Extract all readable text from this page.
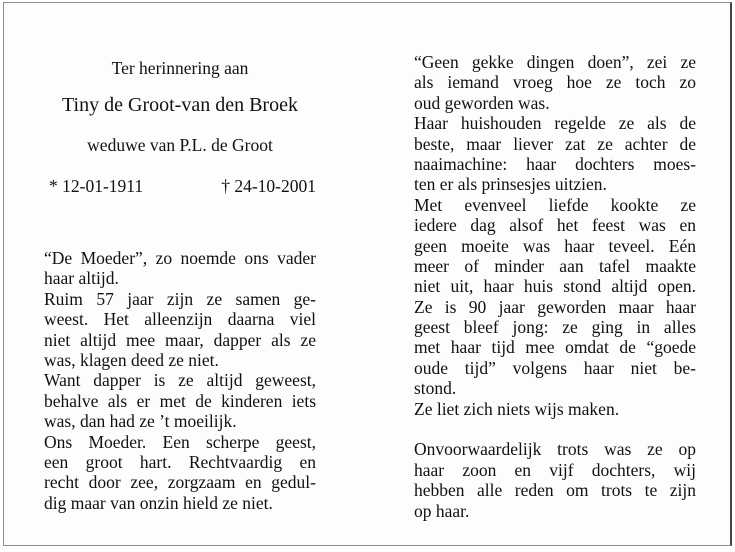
Ter herinnering aan
Tiny de Groot-van den Broek
weduwe van P.L. de Groot
* 12-01-1911	† 24-10-2001
“De Moeder”, zo noemde ons vader
haar altijd.
Ruim 57 jaar zijn ze samen ge-
weest. Het alleenzijn daarna viel
niet altijd mee maar, dapper als ze
was, klagen deed ze niet.
Want dapper is ze altijd geweest,
behalve als er met de kinderen iets
was, dan had ze ’t moeilijk.
Ons Moeder. Een scherpe geest,
een groot hart. Rechtvaardig en
recht door zee, zorgzaam en gedul-
dig maar van onzin hield ze niet.
“Geen gekke dingen doen”, zei ze
als iemand vroeg hoe ze toch zo
oud geworden was.
Haar huishouden regelde ze als de
beste, maar liever zat ze achter de
naaimachine: haar dochters moes-
ten er als prinsesjes uitzien.
Met evenveel liefde kookte ze
iedere dag alsof het feest was en
geen moeite was haar teveel. Eén
meer of minder aan tafel maakte
niet uit, haar huis stond altijd open.
Ze is 90 jaar geworden maar haar
geest bleef jong: ze ging in alles
met haar tijd mee omdat de “goede
oude tijd” volgens haar niet be-
stond.
Ze liet zich niets wijs maken.
Onvoorwaardelijk trots was ze op
haar zoon en vijf dochters, wij
hebben alle reden om trots te zijn
op haar.
